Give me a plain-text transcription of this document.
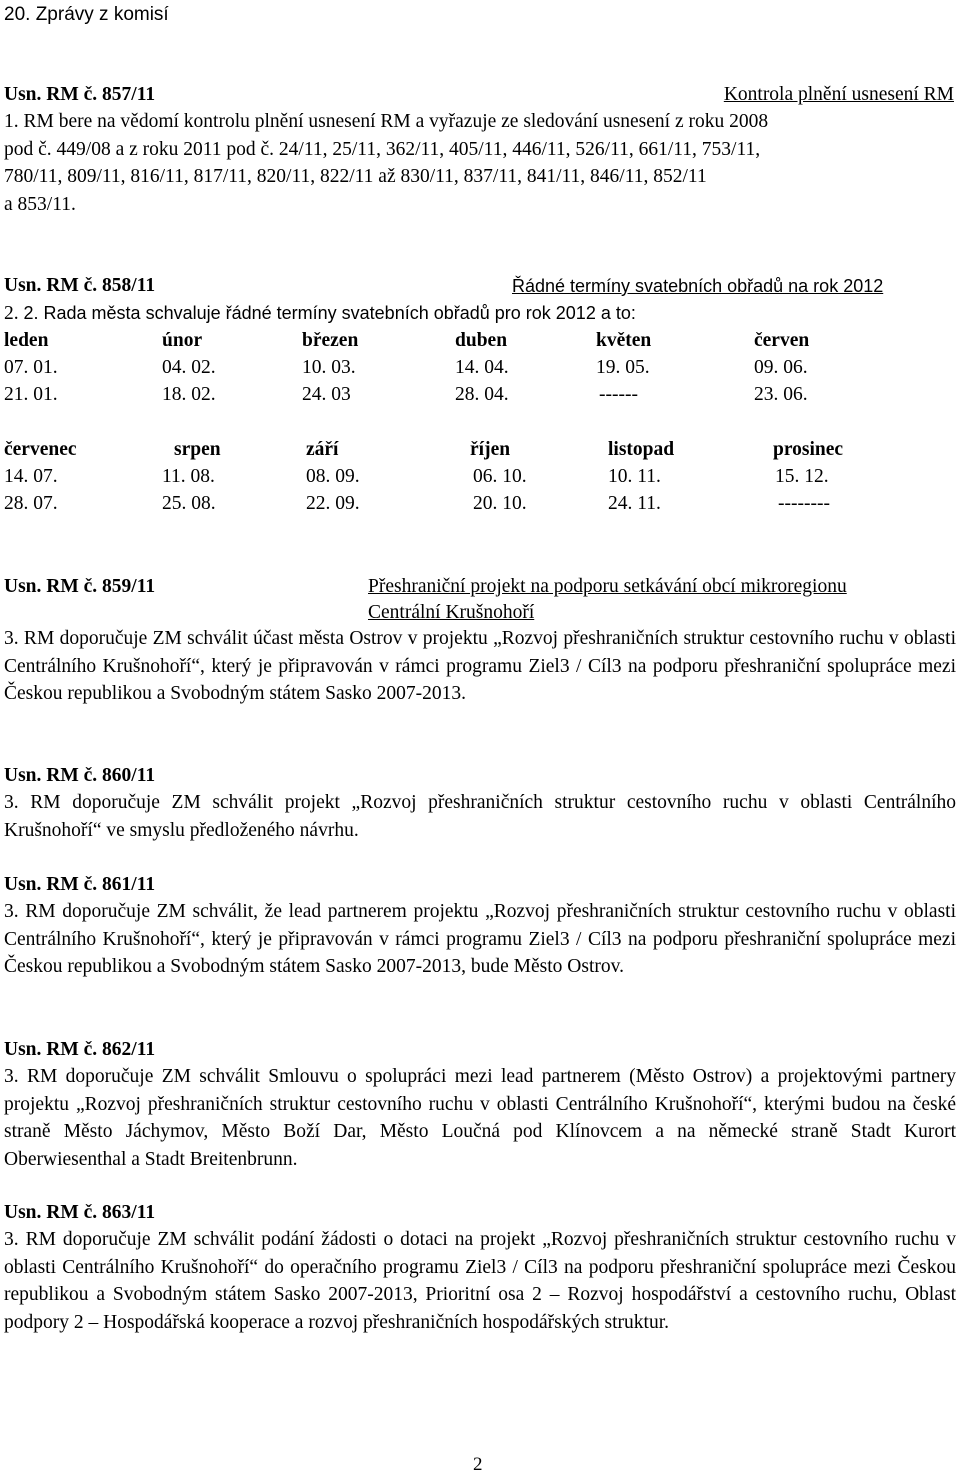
20. Zprávy z komisí
Usn. RM č. 857/11	Kontrola plnění usnesení RM
1. RM bere na vědomí kontrolu plnění usnesení RM a vyřazuje ze sledování usnesení z roku 2008
pod č. 449/08 a z roku 2011 pod č. 24/11, 25/11, 362/11, 405/11, 446/11, 526/11, 661/11, 753/11,
780/11, 809/11, 816/11, 817/11, 820/11, 822/11 až 830/11, 837/11, 841/11, 846/11, 852/11
a 853/11.
Usn. RM č. 858/11	Řádné termíny svatebních obřadů na rok 2012
2. 2. Rada města schvaluje řádné termíny svatebních obřadů pro rok 2012 a to:
leden	únor	březen	duben	květen	červen
07. 01.	04. 02.	10. 03.	14. 04.	19. 05.	09. 06.
21. 01.	18. 02.	24. 03	28. 04.	------	23. 06.
červenec	srpen	září	říjen	listopad	prosinec
14. 07.	11. 08.	08. 09.	06. 10.	10. 11.	15. 12.
28. 07.	25. 08.	22. 09.	20. 10.	24. 11.	--------
Usn. RM č. 859/11	Přeshraniční projekt na podporu setkávání obcí mikroregionu
Centrální Krušnohoří
3. RM doporučuje ZM schválit účast města Ostrov v projektu „Rozvoj přeshraničních struktur cestovního ruchu v oblasti Centrálního Krušnohoří“, který je připravován v rámci programu Ziel3 / Cíl3 na podporu přeshraniční spolupráce mezi Českou republikou a Svobodným státem Sasko 2007-2013.
Usn. RM č. 860/11
3. RM doporučuje ZM schválit projekt „Rozvoj přeshraničních struktur cestovního ruchu v oblasti Centrálního Krušnohoří“ ve smyslu předloženého návrhu.
Usn. RM č. 861/11
3. RM doporučuje ZM schválit, že lead partnerem projektu „Rozvoj přeshraničních struktur cestovního ruchu v oblasti Centrálního Krušnohoří“, který je připravován v rámci programu Ziel3 / Cíl3 na podporu přeshraniční spolupráce mezi Českou republikou a Svobodným státem Sasko 2007-2013, bude Město Ostrov.
Usn. RM č. 862/11
3. RM doporučuje ZM schválit Smlouvu o spolupráci mezi lead partnerem (Město Ostrov) a projektovými partnery projektu „Rozvoj přeshraničních struktur cestovního ruchu v oblasti Centrálního Krušnohoří“, kterými budou na české straně Město Jáchymov, Město Boží Dar, Město Loučná pod Klínovcem a na německé straně Stadt Kurort Oberwiesenthal a Stadt Breitenbrunn.
Usn. RM č. 863/11
3. RM doporučuje ZM schválit podání žádosti o dotaci na projekt „Rozvoj přeshraničních struktur cestovního ruchu v oblasti Centrálního Krušnohoří“ do operačního programu Ziel3 / Cíl3 na podporu přeshraniční spolupráce mezi Českou republikou a Svobodným státem Sasko 2007-2013, Prioritní osa 2 – Rozvoj hospodářství a cestovního ruchu, Oblast podpory 2 – Hospodářská kooperace a rozvoj přeshraničních hospodářských struktur.
2
